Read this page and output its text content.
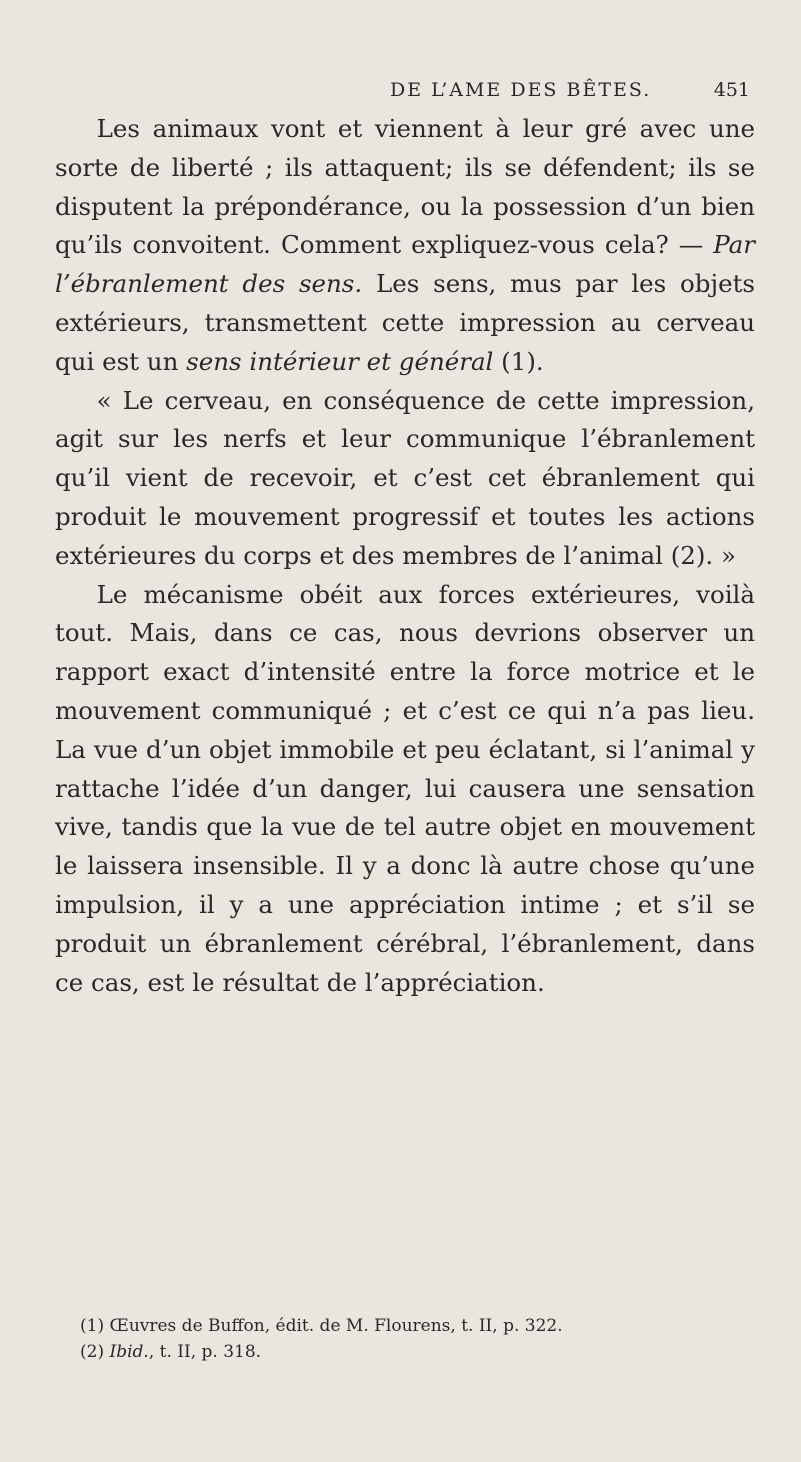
DE L’AME DES BÊTES.	451

Les animaux vont et viennent à leur gré avec une sorte de liberté ; ils attaquent; ils se défendent; ils se disputent la prépondérance, ou la possession d’un bien qu’ils convoitent. Comment expliquez-vous cela? — Par l’ébranlement des sens. Les sens, mus par les objets extérieurs, transmettent cette impression au cerveau qui est un sens intérieur et général (1).

« Le cerveau, en conséquence de cette impression, agit sur les nerfs et leur communique l’ébranlement qu’il vient de recevoir, et c’est cet ébranlement qui produit le mouvement progressif et toutes les actions extérieures du corps et des membres de l’animal (2). »

Le mécanisme obéit aux forces extérieures, voilà tout. Mais, dans ce cas, nous devrions observer un rapport exact d’intensité entre la force motrice et le mouvement communiqué ; et c’est ce qui n’a pas lieu. La vue d’un objet immobile et peu éclatant, si l’animal y rattache l’idée d’un danger, lui causera une sensation vive, tandis que la vue de tel autre objet en mouvement le laissera insensible. Il y a donc là autre chose qu’une impulsion, il y a une appréciation intime ; et s’il se produit un ébranlement cérébral, l’ébranlement, dans ce cas, est le résultat de l’appréciation.

(1) Œuvres de Buffon, édit. de M. Flourens, t. II, p. 322.
(2) Ibid., t. II, p. 318.
